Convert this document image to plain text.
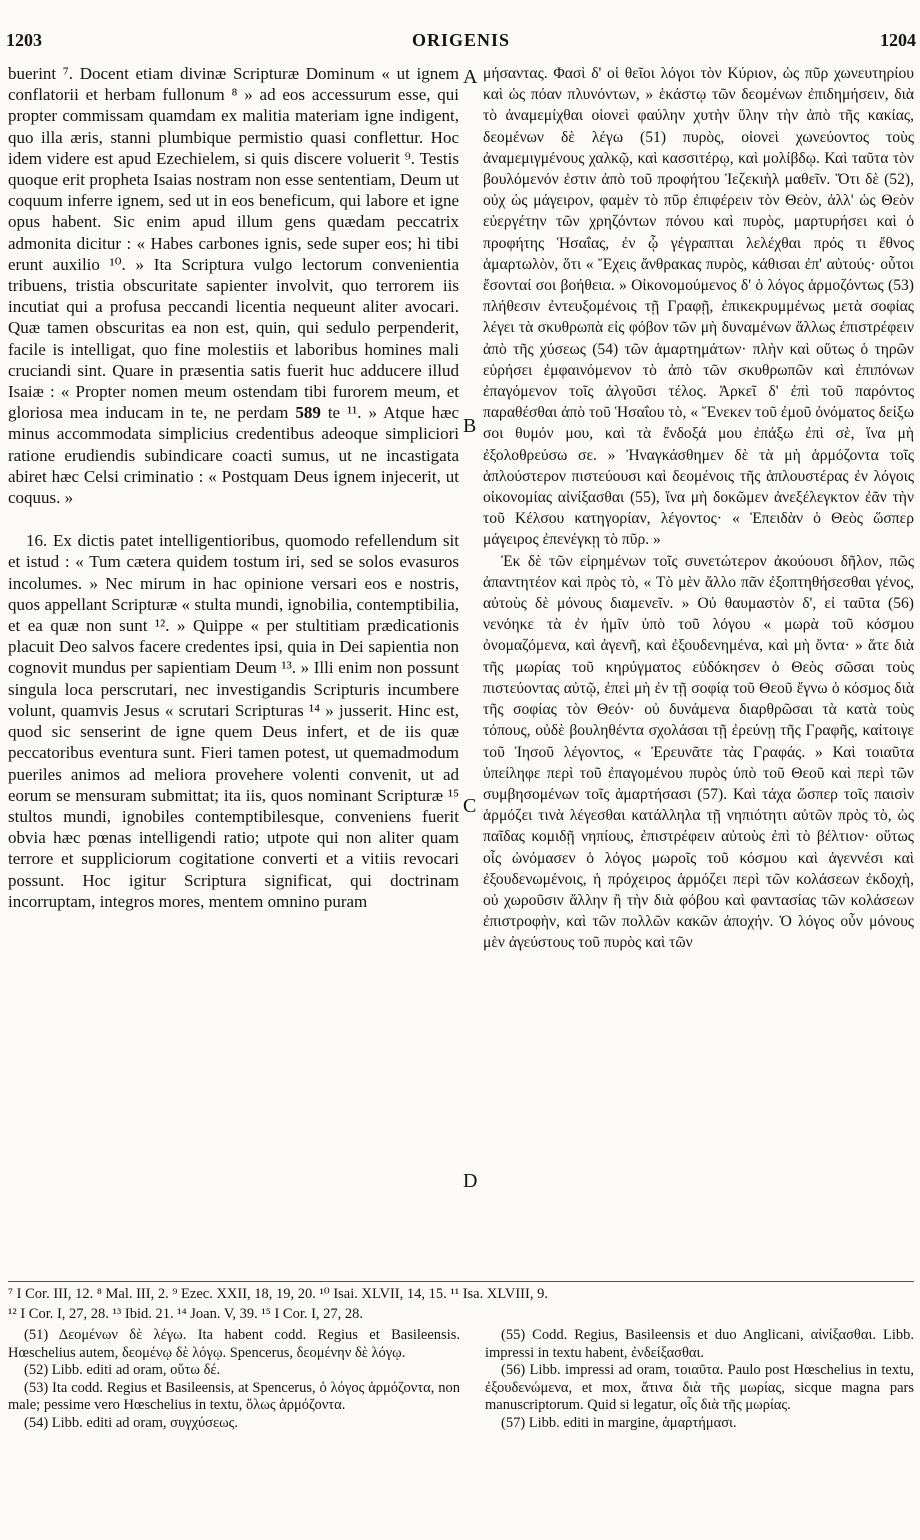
1203	ORIGENIS	1204

buerint ⁷. Docent etiam divinæ Scripturæ Dominum « ut ignem conflatorii et herbam fullonum ⁸ » ad eos accessurum esse, qui propter commissam quamdam ex malitia materiam igne indigent, quo illa æris, stanni plumbique permistio quasi conflettur. Hoc idem videre est apud Ezechielem, si quis discere voluerit ⁹. Testis quoque erit propheta Isaias nostram non esse sententiam, Deum ut coquum inferre ignem, sed ut in eos beneficum, qui labore et igne opus habent. Sic enim apud illum gens quædam peccatrix admonita dicitur : « Habes carbones ignis, sede super eos; hi tibi erunt auxilio ¹⁰. » Ita Scriptura vulgo lectorum convenientia tribuens, tristia obscuritate sapienter involvit, quo terrorem iis incutiat qui a profusa peccandi licentia nequeunt aliter avocari. Quæ tamen obscuritas ea non est, quin, qui sedulo perpenderit, facile is intelligat, quo fine molestiis et laboribus homines mali cruciandi sint. Quare in præsentia satis fuerit huc adducere illud Isaiæ : « Propter nomen meum ostendam tibi furorem meum, et gloriosa mea inducam in te, ne perdam 589 te ¹¹. » Atque hæc minus accommodata simplicius credentibus adeoque simpliciori ratione erudiendis subindicare coacti sumus, ut ne incastigata abiret hæc Celsi criminatio : « Postquam Deus ignem injecerit, ut coquus. »

16. Ex dictis patet intelligentioribus, quomodo refellendum sit et istud : « Tum cætera quidem tostum iri, sed se solos evasuros incolumes. » Nec mirum in hac opinione versari eos e nostris, quos appellant Scripturæ « stulta mundi, ignobilia, contemptibilia, et ea quæ non sunt ¹². » Quippe « per stultitiam prædicationis placuit Deo salvos facere credentes ipsi, quia in Dei sapientia non cognovit mundus per sapientiam Deum ¹³. » Illi enim non possunt singula loca perscrutari, nec investigandis Scripturis incumbere volunt, quamvis Jesus « scrutari Scripturas ¹⁴ » jusserit. Hinc est, quod sic senserint de igne quem Deus infert, et de iis quæ peccatoribus eventura sunt. Fieri tamen potest, ut quemadmodum pueriles animos ad meliora provehere volenti convenit, ut ad eorum se mensuram submittat; ita iis, quos nominant Scripturæ ¹⁵ stultos mundi, ignobiles contemptibilesque, conveniens fuerit obvia hæc pœnas intelligendi ratio; utpote qui non aliter quam terrore et suppliciorum cogitatione converti et a vitiis revocari possunt. Hoc igitur Scriptura significat, qui doctrinam incorruptam, integros mores, mentem omnino puram

A
B
C
D

μήσαντας. Φασὶ δ' οἱ θεῖοι λόγοι τὸν Κύριον, ὡς πῦρ χωνευτηρίου καὶ ὡς πόαν πλυνόντων, » ἑκάστῳ τῶν δεομένων ἐπιδημήσειν, διὰ τὸ ἀναμεμίχθαι οἱονεὶ φαύλην χυτὴν ὕλην τὴν ἀπὸ τῆς κακίας, δεομένων δὲ λέγω (51) πυρὸς, οἱονεὶ χωνεύοντος τοὺς ἀναμεμιγμένους χαλκῷ, καὶ κασσιτέρῳ, καὶ μολίβδῳ. Καὶ ταῦτα τὸν βουλόμενόν ἐστιν ἀπὸ τοῦ προφήτου Ἰεζεκιὴλ μαθεῖν. Ὅτι δὲ (52), οὐχ ὡς μάγειρον, φαμὲν τὸ πῦρ ἐπιφέρειν τὸν Θεὸν, ἀλλ' ὡς Θεὸν εὐεργέτην τῶν χρηζόντων πόνου καὶ πυρὸς, μαρτυρήσει καὶ ὁ προφήτης Ἡσαΐας, ἐν ᾧ γέγραπται λελέχθαι πρός τι ἔθνος ἁμαρτωλὸν, ὅτι « Ἔχεις ἄνθρακας πυρὸς, κάθισαι ἐπ' αὐτούς· οὗτοι ἔσονταί σοι βοήθεια. » Οἰκονομούμενος δ' ὁ λόγος ἁρμοζόντως (53) πλήθεσιν ἐντευξομένοις τῇ Γραφῇ, ἐπικεκρυμμένως μετὰ σοφίας λέγει τὰ σκυθρωπὰ εἰς φόβον τῶν μὴ δυναμένων ἄλλως ἐπιστρέφειν ἀπὸ τῆς χύσεως (54) τῶν ἁμαρτημάτων· πλὴν καὶ οὕτως ὁ τηρῶν εὑρήσει ἐμφαινόμενον τὸ ἀπὸ τῶν σκυθρωπῶν καὶ ἐπιπόνων ἐπαγόμενον τοῖς ἀλγοῦσι τέλος. Ἀρκεῖ δ' ἐπὶ τοῦ παρόντος παραθέσθαι ἀπὸ τοῦ Ἡσαΐου τὸ, « Ἕνεκεν τοῦ ἐμοῦ ὀνόματος δείξω σοι θυμόν μου, καὶ τὰ ἔνδοξά μου ἐπάξω ἐπὶ σὲ, ἵνα μὴ ἐξολοθρεύσω σε. » Ἠναγκάσθημεν δὲ τὰ μὴ ἁρμόζοντα τοῖς ἁπλούστερον πιστεύουσι καὶ δεομένοις τῆς ἁπλουστέρας ἐν λόγοις οἰκονομίας αἰνίξασθαι (55), ἵνα μὴ δοκῶμεν ἀνεξέλεγκτον ἐᾶν τὴν τοῦ Κέλσου κατηγορίαν, λέγοντος· « Ἐπειδὰν ὁ Θεὸς ὥσπερ μάγειρος ἐπενέγκῃ τὸ πῦρ. »

Ἐκ δὲ τῶν εἰρημένων τοῖς συνετώτερον ἀκούουσι δῆλον, πῶς ἀπαντητέον καὶ πρὸς τὸ, « Τὸ μὲν ἄλλο πᾶν ἐξοπτηθήσεσθαι γένος, αὐτοὺς δὲ μόνους διαμενεῖν. » Οὐ θαυμαστὸν δ', εἰ ταῦτα (56) νενόηκε τὰ ἐν ἡμῖν ὑπὸ τοῦ λόγου « μωρὰ τοῦ κόσμου ὀνομαζόμενα, καὶ ἀγενῆ, καὶ ἐξουδενημένα, καὶ μὴ ὄντα· » ἅτε διὰ τῆς μωρίας τοῦ κηρύγματος εὐδόκησεν ὁ Θεὸς σῶσαι τοὺς πιστεύοντας αὐτῷ, ἐπεὶ μὴ ἐν τῇ σοφίᾳ τοῦ Θεοῦ ἔγνω ὁ κόσμος διὰ τῆς σοφίας τὸν Θεόν· οὐ δυνάμενα διαρθρῶσαι τὰ κατὰ τοὺς τόπους, οὐδὲ βουληθέντα σχολάσαι τῇ ἐρεύνῃ τῆς Γραφῆς, καίτοιγε τοῦ Ἰησοῦ λέγοντος, « Ἐρευνᾶτε τὰς Γραφάς. » Καὶ τοιαῦτα ὑπείληφε περὶ τοῦ ἐπαγομένου πυρὸς ὑπὸ τοῦ Θεοῦ καὶ περὶ τῶν συμβησομένων τοῖς ἁμαρτήσασι (57). Καὶ τάχα ὥσπερ τοῖς παισὶν ἁρμόζει τινὰ λέγεσθαι κατάλληλα τῇ νηπιότητι αὐτῶν πρὸς τὸ, ὡς παῖδας κομιδῇ νηπίους, ἐπιστρέφειν αὐτοὺς ἐπὶ τὸ βέλτιον· οὕτως οἷς ὠνόμασεν ὁ λόγος μωροῖς τοῦ κόσμου καὶ ἀγεννέσι καὶ ἐξουδενωμένοις, ἡ πρόχειρος ἁρμόζει περὶ τῶν κολάσεων ἐκδοχὴ, οὐ χωροῦσιν ἄλλην ἢ τὴν διὰ φόβου καὶ φαντασίας τῶν κολάσεων ἐπιστροφὴν, καὶ τῶν πολλῶν κακῶν ἀποχήν. Ὁ λόγος οὖν μόνους μὲν ἀγεύστους τοῦ πυρὸς καὶ τῶν

⁷ I Cor. III, 12. ⁸ Mal. III, 2. ⁹ Ezec. XXII, 18, 19, 20. ¹⁰ Isai. XLVII, 14, 15. ¹¹ Isa. XLVIII, 9.
¹² I Cor. I, 27, 28. ¹³ Ibid. 21. ¹⁴ Joan. V, 39. ¹⁵ I Cor. I, 27, 28.

(51) Δεομένων δὲ λέγω. Ita habent codd. Regius et Basileensis. Hœschelius autem, δεομένῳ δὲ λόγῳ. Spencerus, δεομένην δὲ λόγῳ.

(52) Libb. editi ad oram, οὕτω δέ.

(53) Ita codd. Regius et Basileensis, at Spencerus, ὁ λόγος ἁρμόζοντα, non male; pessime vero Hœschelius in textu, ὅλως ἁρμόζοντα.

(54) Libb. editi ad oram, συγχύσεως.

(55) Codd. Regius, Basileensis et duo Anglicani, αἰνίξασθαι. Libb. impressi in textu habent, ἐνδείξασθαι.

(56) Libb. impressi ad oram, τοιαῦτα. Paulo post Hœschelius in textu, ἐξουδενώμενα, et mox, ἅτινα διὰ τῆς μωρίας, sicque magna pars manuscriptorum. Quid si legatur, οἷς διὰ τῆς μωρίας.

(57) Libb. editi in margine, ἁμαρτήμασι.
